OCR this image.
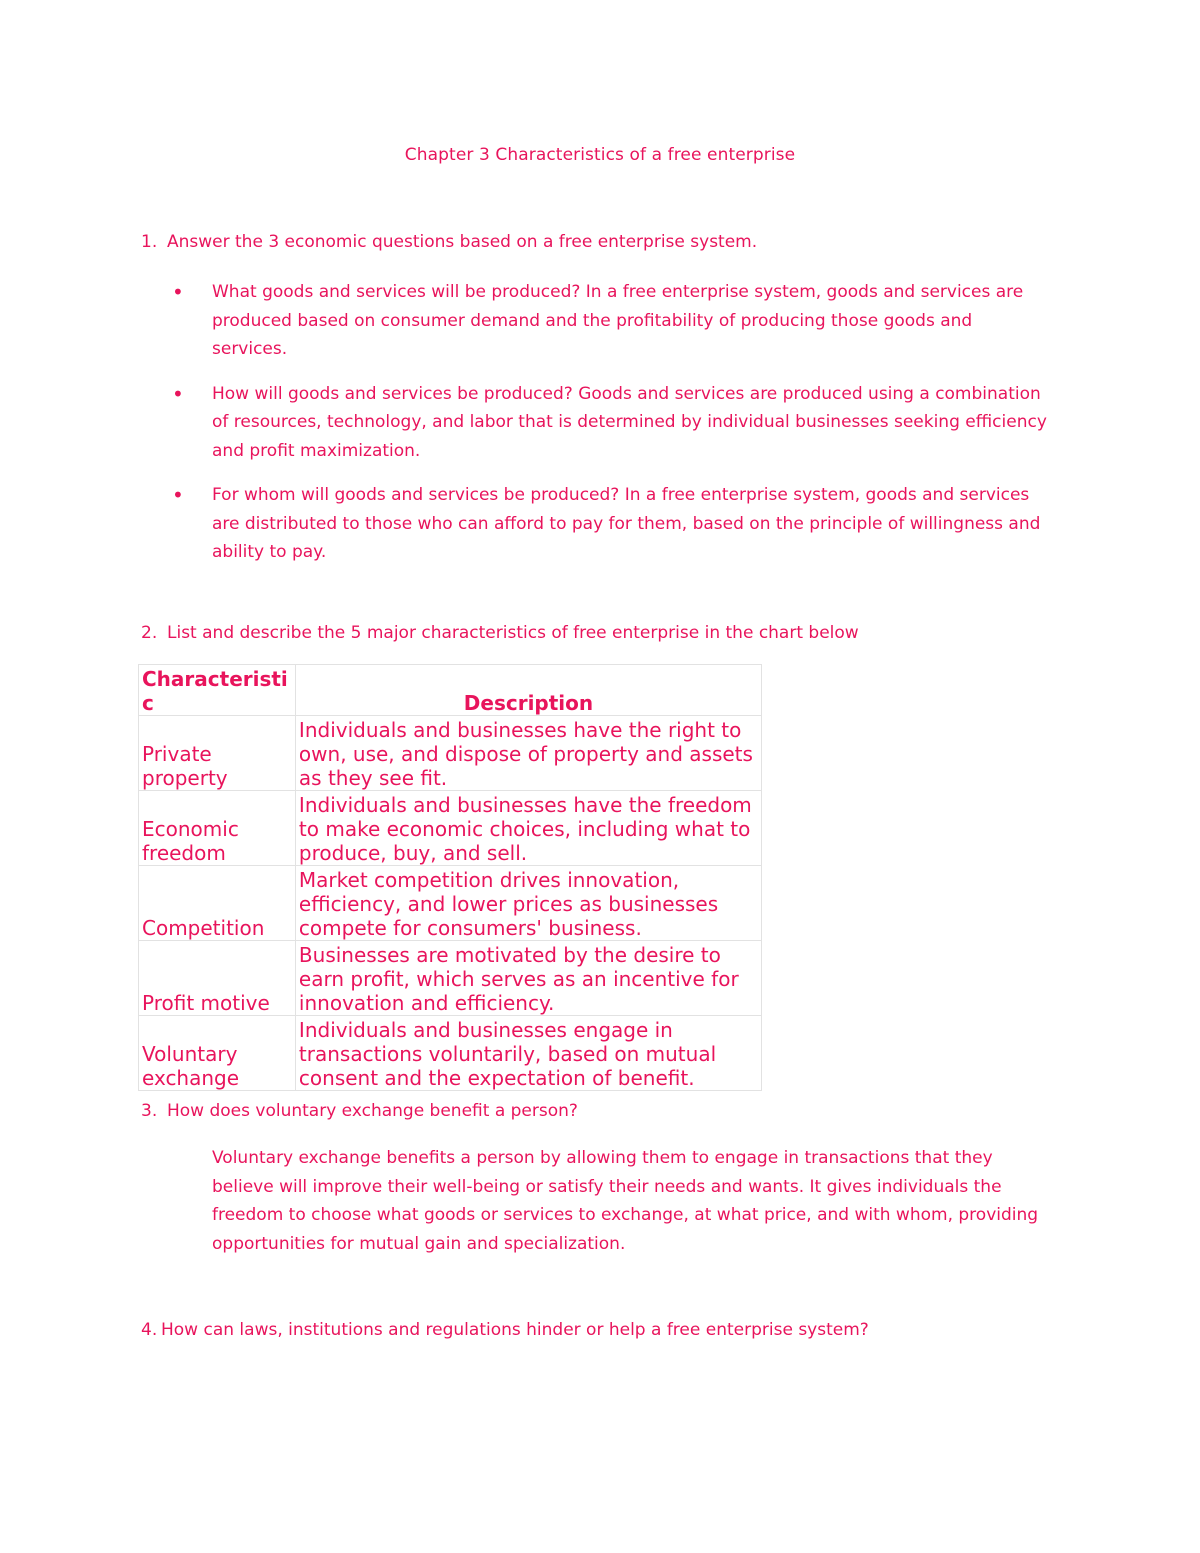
Chapter 3 Characteristics of a free enterprise
1. Answer the 3 economic questions based on a free enterprise system.
• What goods and services will be produced? In a free enterprise system, goods and services are produced based on consumer demand and the profitability of producing those goods and services.
• How will goods and services be produced? Goods and services are produced using a combination of resources, technology, and labor that is determined by individual businesses seeking efficiency and profit maximization.
• For whom will goods and services be produced? In a free enterprise system, goods and services are distributed to those who can afford to pay for them, based on the principle of willingness and ability to pay.
2. List and describe the 5 major characteristics of free enterprise in the chart below
Characteristic	Description
Private property	Individuals and businesses have the right to own, use, and dispose of property and assets as they see fit.
Economic freedom	Individuals and businesses have the freedom to make economic choices, including what to produce, buy, and sell.
Competition	Market competition drives innovation, efficiency, and lower prices as businesses compete for consumers' business.
Profit motive	Businesses are motivated by the desire to earn profit, which serves as an incentive for innovation and efficiency.
Voluntary exchange	Individuals and businesses engage in transactions voluntarily, based on mutual consent and the expectation of benefit.
3. How does voluntary exchange benefit a person?
Voluntary exchange benefits a person by allowing them to engage in transactions that they believe will improve their well-being or satisfy their needs and wants. It gives individuals the freedom to choose what goods or services to exchange, at what price, and with whom, providing opportunities for mutual gain and specialization.
4. How can laws, institutions and regulations hinder or help a free enterprise system?
